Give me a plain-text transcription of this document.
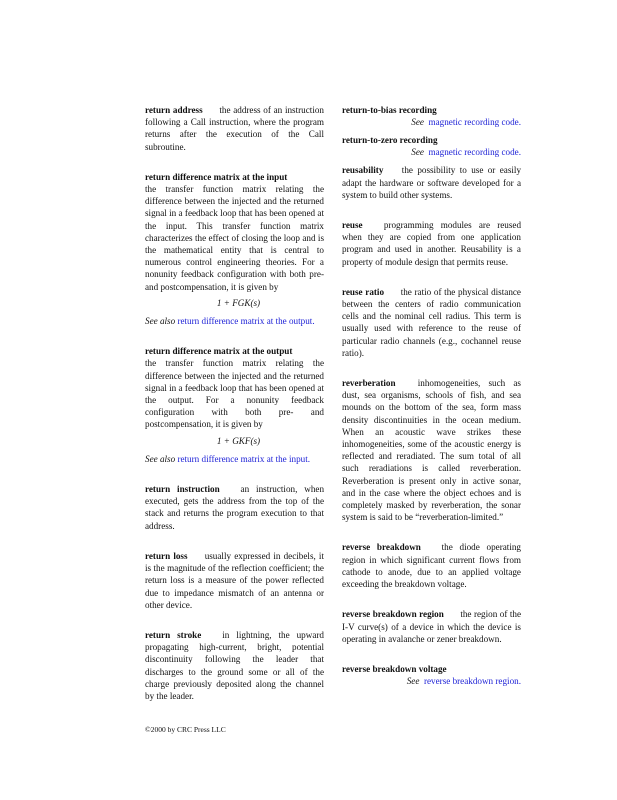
return address the address of an instruction following a Call instruction, where the program returns after the execution of the Call subroutine.
return difference matrix at the input
the transfer function matrix relating the difference between the injected and the returned signal in a feedback loop that has been opened at the input. This transfer function matrix characterizes the effect of closing the loop and is the mathematical entity that is central to numerous control engineering theories. For a nonunity feedback configuration with both pre- and postcompensation, it is given by
1 + FGK(s)
See also return difference matrix at the output.
return difference matrix at the output
the transfer function matrix relating the difference between the injected and the returned signal in a feedback loop that has been opened at the output. For a nonunity feedback configuration with both pre- and postcompensation, it is given by
1 + GKF(s)
See also return difference matrix at the input.
return instruction an instruction, when executed, gets the address from the top of the stack and returns the program execution to that address.
return loss usually expressed in decibels, it is the magnitude of the reflection coefficient; the return loss is a measure of the power reflected due to impedance mismatch of an antenna or other device.
return stroke in lightning, the upward propagating high-current, bright, potential discontinuity following the leader that discharges to the ground some or all of the charge previously deposited along the channel by the leader.
return-to-bias recording
See magnetic recording code.
return-to-zero recording
See magnetic recording code.
reusability the possibility to use or easily adapt the hardware or software developed for a system to build other systems.
reuse programming modules are reused when they are copied from one application program and used in another. Reusability is a property of module design that permits reuse.
reuse ratio the ratio of the physical distance between the centers of radio communication cells and the nominal cell radius. This term is usually used with reference to the reuse of particular radio channels (e.g., cochannel reuse ratio).
reverberation inhomogeneities, such as dust, sea organisms, schools of fish, and sea mounds on the bottom of the sea, form mass density discontinuities in the ocean medium. When an acoustic wave strikes these inhomogeneities, some of the acoustic energy is reflected and reradiated. The sum total of all such reradiations is called reverberation. Reverberation is present only in active sonar, and in the case where the object echoes and is completely masked by reverberation, the sonar system is said to be “reverberation-limited.”
reverse breakdown the diode operating region in which significant current flows from cathode to anode, due to an applied voltage exceeding the breakdown voltage.
reverse breakdown region the region of the I-V curve(s) of a device in which the device is operating in avalanche or zener breakdown.
reverse breakdown voltage
See reverse breakdown region.
©2000 by CRC Press LLC
